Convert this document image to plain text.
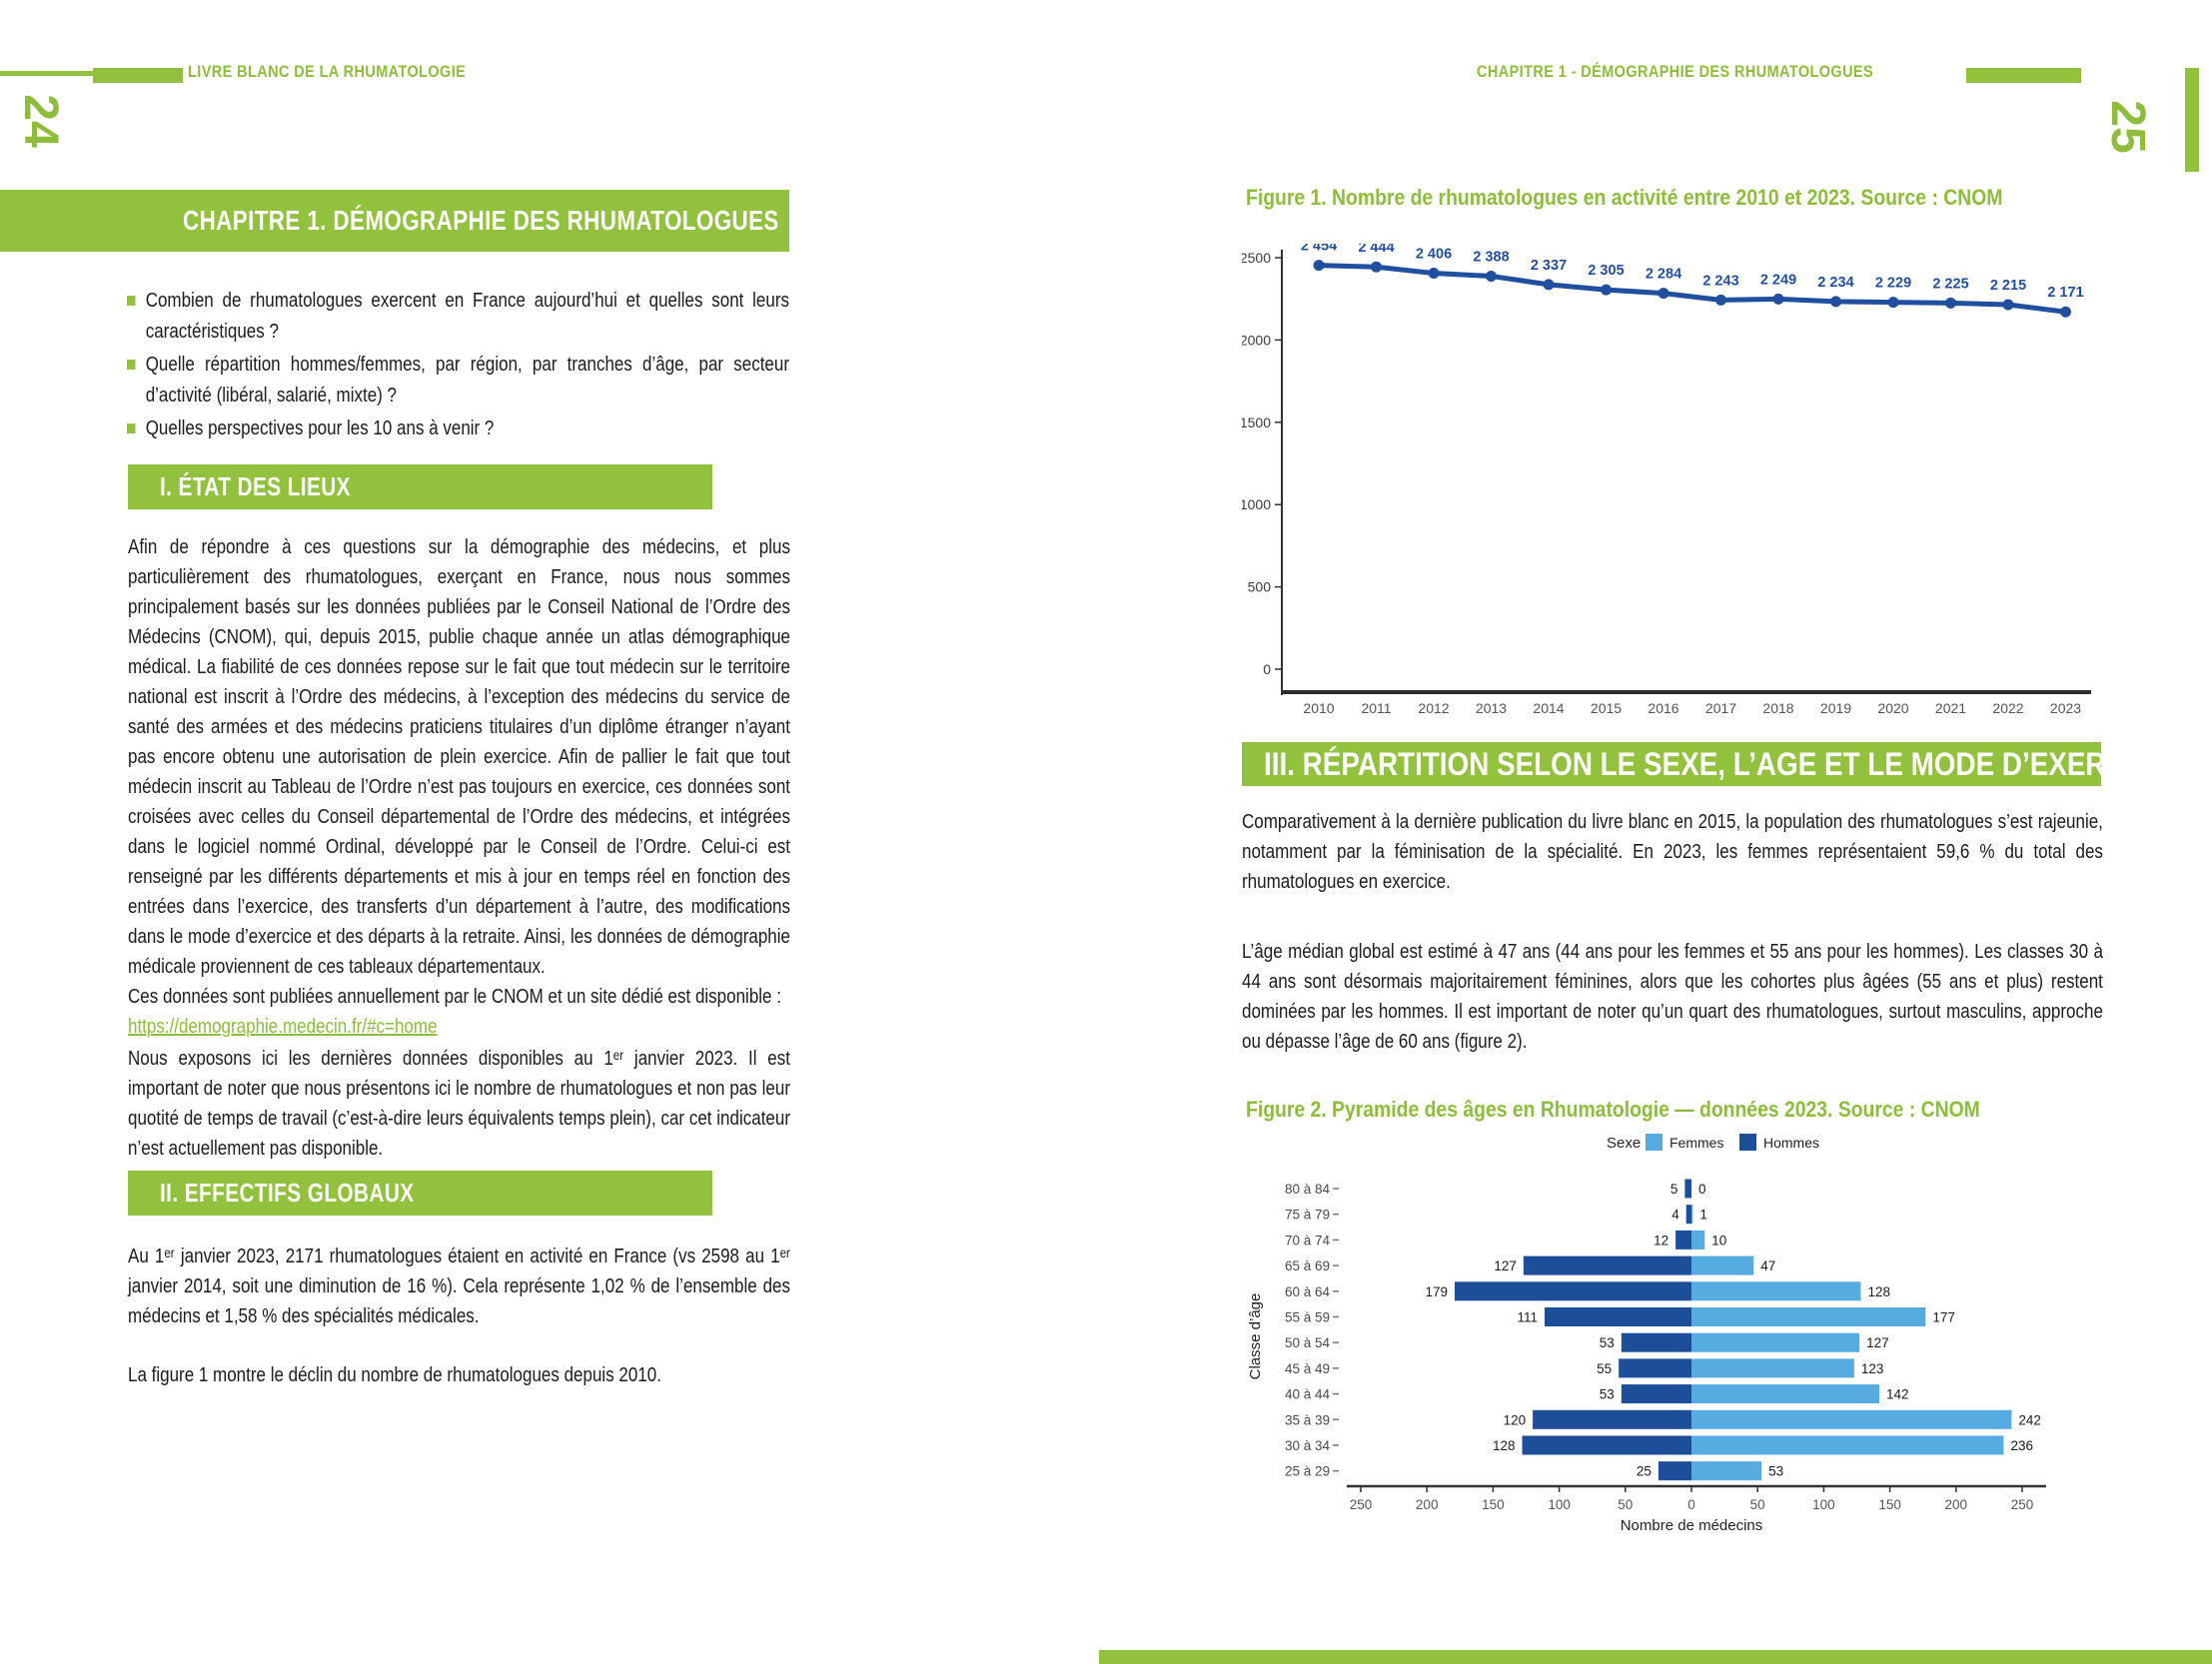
LIVRE BLANC DE LA RHUMATOLOGIE
24
CHAPITRE 1. DÉMOGRAPHIE DES RHUMATOLOGUES
Combien de rhumatologues exercent en France aujourd’hui et quelles sont leurs caractéristiques ?
Quelle répartition hommes/femmes, par région, par tranches d’âge, par secteur d’activité (libéral, salarié, mixte) ?
Quelles perspectives pour les 10 ans à venir ?
I. ÉTAT DES LIEUX
Afin de répondre à ces questions sur la démographie des médecins, et plus particulièrement des rhumatologues, exerçant en France, nous nous sommes principalement basés sur les données publiées par le Conseil National de l’Ordre des Médecins (CNOM), qui, depuis 2015, publie chaque année un atlas démographique médical. La fiabilité de ces données repose sur le fait que tout médecin sur le territoire national est inscrit à l’Ordre des médecins, à l’exception des médecins du service de santé des armées et des médecins praticiens titulaires d’un diplôme étranger n’ayant pas encore obtenu une autorisation de plein exercice. Afin de pallier le fait que tout médecin inscrit au Tableau de l’Ordre n’est pas toujours en exercice, ces données sont croisées avec celles du Conseil départemental de l’Ordre des médecins, et intégrées dans le logiciel nommé Ordinal, développé par le Conseil de l’Ordre. Celui-ci est renseigné par les différents départements et mis à jour en temps réel en fonction des entrées dans l’exercice, des transferts d’un département à l’autre, des modifications dans le mode d’exercice et des départs à la retraite. Ainsi, les données de démographie médicale proviennent de ces tableaux départementaux.
Ces données sont publiées annuellement par le CNOM et un site dédié est disponible :
https://demographie.medecin.fr/#c=home
Nous exposons ici les dernières données disponibles au 1ᵉʳ janvier 2023. Il est important de noter que nous présentons ici le nombre de rhumatologues et non pas leur quotité de temps de travail (c’est-à-dire leurs équivalents temps plein), car cet indicateur n’est actuellement pas disponible.
II. EFFECTIFS GLOBAUX
Au 1ᵉʳ janvier 2023, 2171 rhumatologues étaient en activité en France (vs 2598 au 1ᵉʳ janvier 2014, soit une diminution de 16 %). Cela représente 1,02 % de l’ensemble des médecins et 1,58 % des spécialités médicales.
La figure 1 montre le déclin du nombre de rhumatologues depuis 2010.
CHAPITRE 1 - DÉMOGRAPHIE DES RHUMATOLOGUES
25
Figure 1. Nombre de rhumatologues en activité entre 2010 et 2023. Source : CNOM
0
500
1000
1500
2000
2500
2 454
2010
2 444
2011
2 406
2012
2 388
2013
2 337
2014
2 305
2015
2 284
2016
2 243
2017
2 249
2018
2 234
2019
2 229
2020
2 225
2021
2 215
2022
2 171
2023
III. RÉPARTITION SELON LE SEXE, L’AGE ET LE MODE D’EXERCICE
Comparativement à la dernière publication du livre blanc en 2015, la population des rhumatologues s’est rajeunie, notamment par la féminisation de la spécialité. En 2023, les femmes représentaient 59,6 % du total des rhumatologues en exercice.
L’âge médian global est estimé à 47 ans (44 ans pour les femmes et 55 ans pour les hommes). Les classes 30 à 44 ans sont désormais majoritairement féminines, alors que les cohortes plus âgées (55 ans et plus) restent dominées par les hommes. Il est important de noter qu’un quart des rhumatologues, surtout masculins, approche ou dépasse l’âge de 60 ans (figure 2).
Figure 2. Pyramide des âges en Rhumatologie — données 2023. Source : CNOM
Sexe Femmes	Hommes
80 à 84	5 0
75 à 79	4 1
70 à 74	12	10
65 à 69	127	47
60 à 64	179	128
55 à 59	111	177
50 à 54	53	127
45 à 49	55	123
40 à 44	53	142
35 à 39	120	242
30 à 34	128	236
25 à 29	25	53
250	200	150	100	50	0	50	100	150	200	250
Nombre de médecins
Classe d’âge
